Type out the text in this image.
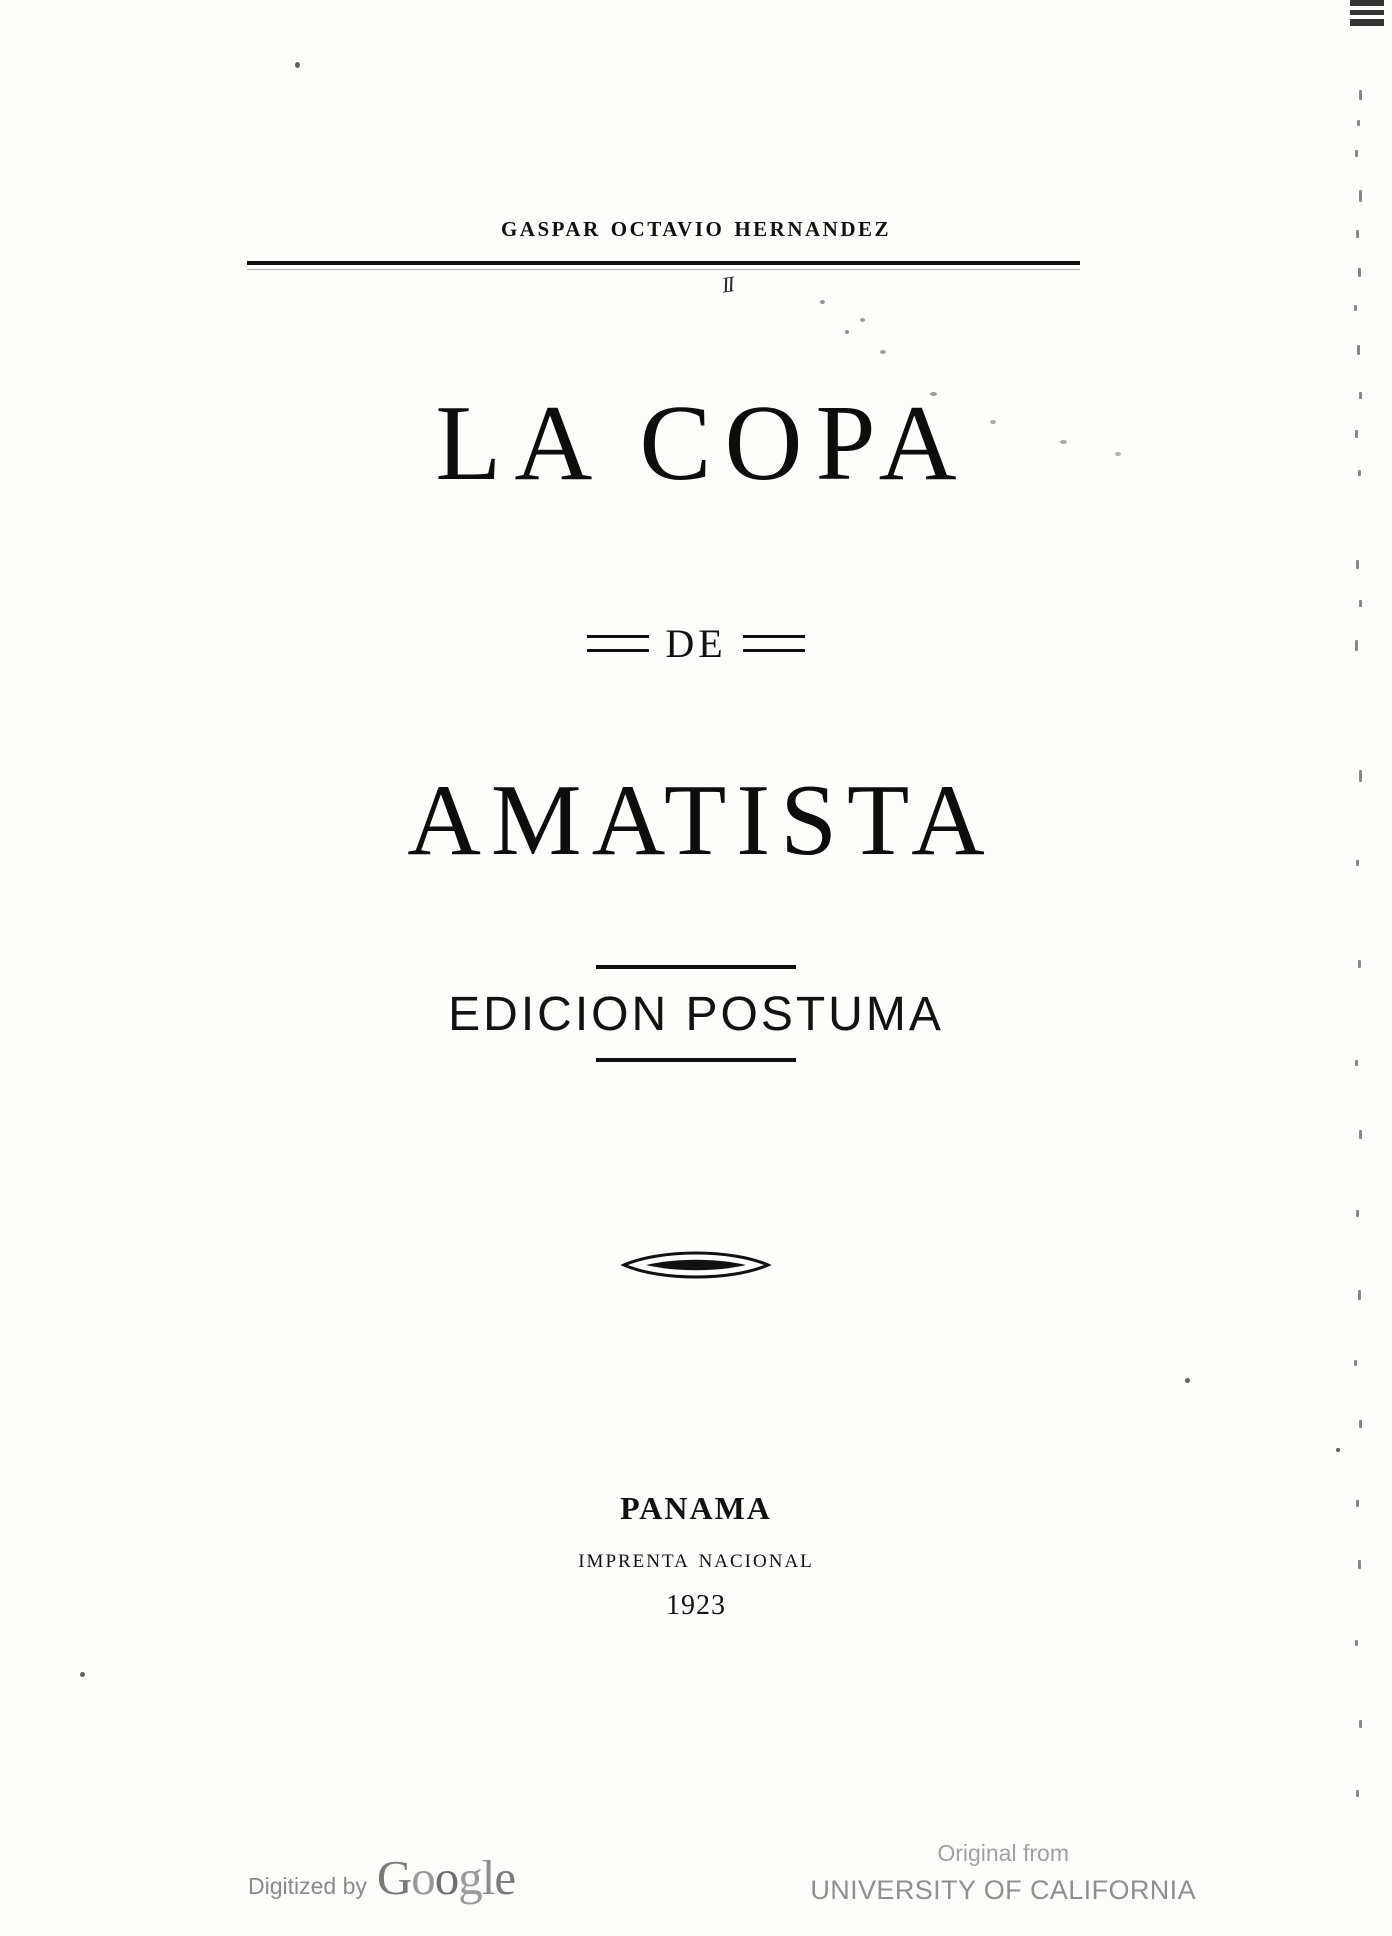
gaspar octavio hernandez
II
LA COPA
DE
AMATISTA
EDICION POSTUMA
PANAMA
imprenta nacional
1923
Digitized by Google	Original from
UNIVERSITY OF CALIFORNIA
